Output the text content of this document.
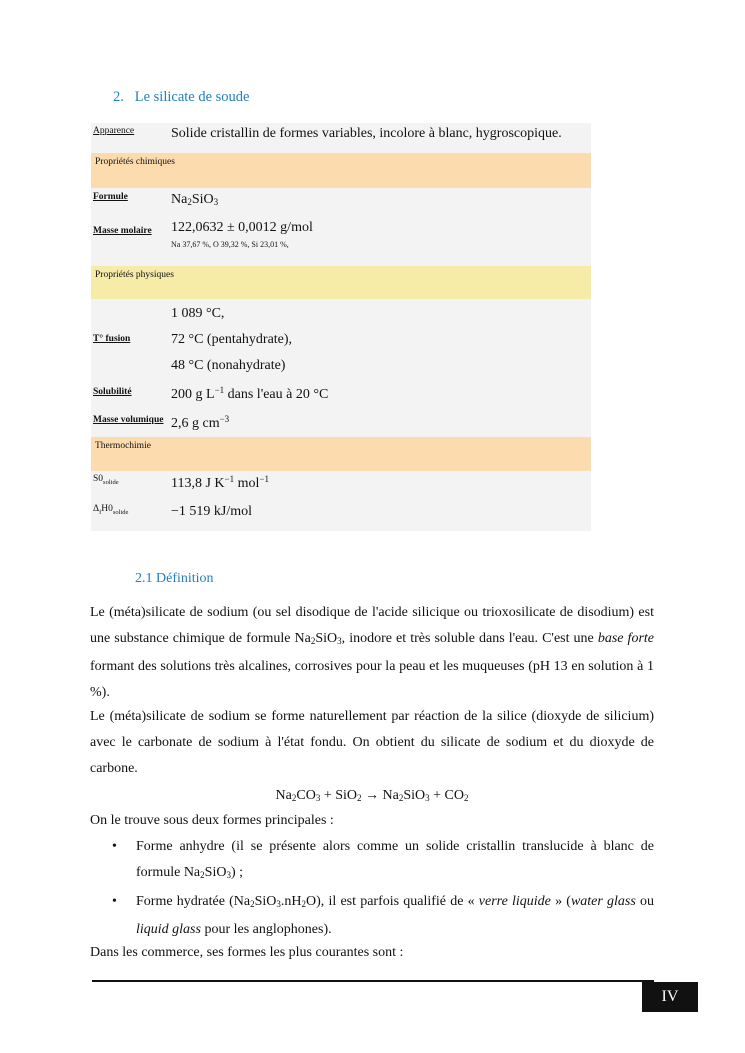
2.   Le silicate de soude
Apparence	Solide cristallin de formes variables, incolore à blanc, hygroscopique.
Propriétés chimiques	
Formule	$Na_2SiO_3$
Masse molaire	122,0632 ± 0,0012 g/mol
Na 37,67 %, O 39,32 %, Si 23,01 %,

Propriétés physiques	
T° fusion	1 089 °C,
72 °C (pentahydrate),
48 °C (nonahydrate)

Solubilité	200 g $L^{-1}$ dans l'eau à 20 °C
Masse volumique	2,6 g $cm^{-3}$
Thermochimie	
$S0_{solide}$	113,8 J $K^{-1}$ mol$^{-1}$
$\Delta_fH0_{solide}$	−1 519 kJ/mol
2.1 Définition
Le (méta)silicate de sodium (ou sel disodique de l'acide silicique ou trioxosilicate de disodium) est une substance chimique de formule $Na_2SiO_3$, inodore et très soluble dans l'eau. C'est une base forte formant des solutions très alcalines, corrosives pour la peau et les muqueuses (pH 13 en solution à 1 %).
Le (méta)silicate de sodium se forme naturellement par réaction de la silice (dioxyde de silicium) avec le carbonate de sodium à l'état fondu. On obtient du silicate de sodium et du dioxyde de carbone.
$Na_2CO_3 + SiO_2 \to Na_2SiO_3 + CO_2$
On le trouve sous deux formes principales :
• Forme anhydre (il se présente alors comme un solide cristallin translucide à blanc de formule $Na_2SiO_3$) ;
• Forme hydratée $(Na_2SiO_3.nH_2O)$, il est parfois qualifié de « verre liquide » (water glass ou liquid glass pour les anglophones).
Dans les commerce, ses formes les plus courantes sont :
IV
